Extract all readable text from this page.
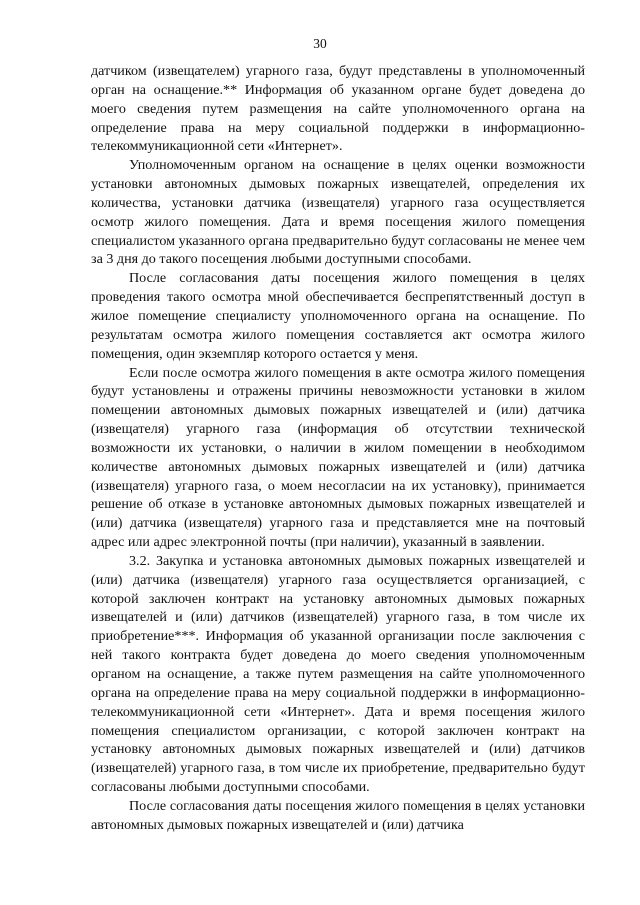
30

датчиком (извещателем) угарного газа, будут представлены в уполномоченный орган на оснащение.** Информация об указанном органе будет доведена до моего сведения путем размещения на сайте уполномоченного органа на определение права на меру социальной поддержки в информационно-телекоммуникационной сети «Интернет».

Уполномоченным органом на оснащение в целях оценки возможности установки автономных дымовых пожарных извещателей, определения их количества, установки датчика (извещателя) угарного газа осуществляется осмотр жилого помещения. Дата и время посещения жилого помещения специалистом указанного органа предварительно будут согласованы не менее чем за 3 дня до такого посещения любыми доступными способами.

После согласования даты посещения жилого помещения в целях проведения такого осмотра мной обеспечивается беспрепятственный доступ в жилое помещение специалисту уполномоченного органа на оснащение. По результатам осмотра жилого помещения составляется акт осмотра жилого помещения, один экземпляр которого остается у меня.

Если после осмотра жилого помещения в акте осмотра жилого помещения будут установлены и отражены причины невозможности установки в жилом помещении автономных дымовых пожарных извещателей и (или) датчика (извещателя) угарного газа (информация об отсутствии технической возможности их установки, о наличии в жилом помещении в необходимом количестве автономных дымовых пожарных извещателей и (или) датчика (извещателя) угарного газа, о моем несогласии на их установку), принимается решение об отказе в установке автономных дымовых пожарных извещателей и (или) датчика (извещателя) угарного газа и представляется мне на почтовый адрес или адрес электронной почты (при наличии), указанный в заявлении.

3.2. Закупка и установка автономных дымовых пожарных извещателей и (или) датчика (извещателя) угарного газа осуществляется организацией, с которой заключен контракт на установку автономных дымовых пожарных извещателей и (или) датчиков (извещателей) угарного газа, в том числе их приобретение***. Информация об указанной организации после заключения с ней такого контракта будет доведена до моего сведения уполномоченным органом на оснащение, а также путем размещения на сайте уполномоченного органа на определение права на меру социальной поддержки в информационно-телекоммуникационной сети «Интернет». Дата и время посещения жилого помещения специалистом организации, с которой заключен контракт на установку автономных дымовых пожарных извещателей и (или) датчиков (извещателей) угарного газа, в том числе их приобретение, предварительно будут согласованы любыми доступными способами.

После согласования даты посещения жилого помещения в целях установки автономных дымовых пожарных извещателей и (или) датчика
